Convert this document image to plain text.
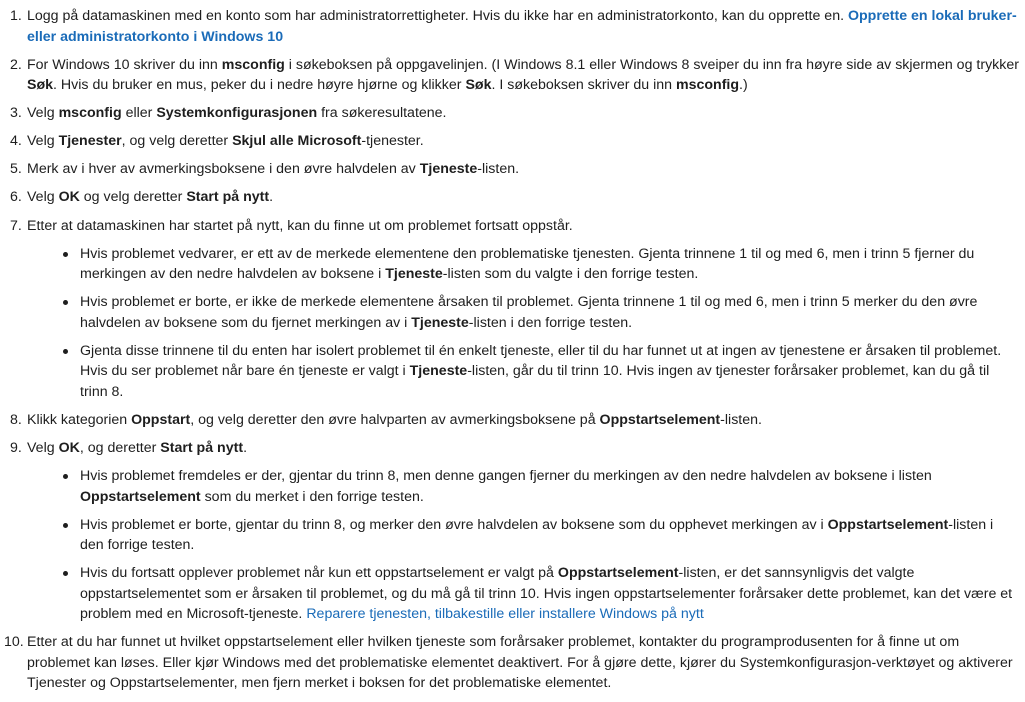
1. Logg på datamaskinen med en konto som har administratorrettigheter. Hvis du ikke har en administratorkonto, kan du opprette en. Opprette en lokal bruker- eller administratorkonto i Windows 10

2. For Windows 10 skriver du inn msconfig i søkeboksen på oppgavelinjen. (I Windows 8.1 eller Windows 8 sveiper du inn fra høyre side av skjermen og trykker Søk. Hvis du bruker en mus, peker du i nedre høyre hjørne og klikker Søk. I søkeboksen skriver du inn msconfig.)

3. Velg msconfig eller Systemkonfigurasjonen fra søkeresultatene.

4. Velg Tjenester, og velg deretter Skjul alle Microsoft-tjenester.

5. Merk av i hver av avmerkingsboksene i den øvre halvdelen av Tjeneste-listen.

6. Velg OK og velg deretter Start på nytt.

7. Etter at datamaskinen har startet på nytt, kan du finne ut om problemet fortsatt oppstår.

Hvis problemet vedvarer, er ett av de merkede elementene den problematiske tjenesten. Gjenta trinnene 1 til og med 6, men i trinn 5 fjerner du merkingen av den nedre halvdelen av boksene i Tjeneste-listen som du valgte i den forrige testen.
Hvis problemet er borte, er ikke de merkede elementene årsaken til problemet. Gjenta trinnene 1 til og med 6, men i trinn 5 merker du den øvre halvdelen av boksene som du fjernet merkingen av i Tjeneste-listen i den forrige testen.
Gjenta disse trinnene til du enten har isolert problemet til én enkelt tjeneste, eller til du har funnet ut at ingen av tjenestene er årsaken til problemet. Hvis du ser problemet når bare én tjeneste er valgt i Tjeneste-listen, går du til trinn 10. Hvis ingen av tjenester forårsaker problemet, kan du gå til trinn 8.
8. Klikk kategorien Oppstart, og velg deretter den øvre halvparten av avmerkingsboksene på Oppstartselement-listen.

9. Velg OK, og deretter Start på nytt.

Hvis problemet fremdeles er der, gjentar du trinn 8, men denne gangen fjerner du merkingen av den nedre halvdelen av boksene i listen Oppstartselement som du merket i den forrige testen.
Hvis problemet er borte, gjentar du trinn 8, og merker den øvre halvdelen av boksene som du opphevet merkingen av i Oppstartselement-listen i den forrige testen.
Hvis du fortsatt opplever problemet når kun ett oppstartselement er valgt på Oppstartselement-listen, er det sannsynligvis det valgte oppstartselementet som er årsaken til problemet, og du må gå til trinn 10. Hvis ingen oppstartselementer forårsaker dette problemet, kan det være et problem med en Microsoft-tjeneste. Reparere tjenesten, tilbakestille eller installere Windows på nytt
10. Etter at du har funnet ut hvilket oppstartselement eller hvilken tjeneste som forårsaker problemet, kontakter du programprodusenten for å finne ut om problemet kan løses. Eller kjør Windows med det problematiske elementet deaktivert. For å gjøre dette, kjører du Systemkonfigurasjon-verktøyet og aktiverer Tjenester og Oppstartselementer, men fjern merket i boksen for det problematiske elementet.
